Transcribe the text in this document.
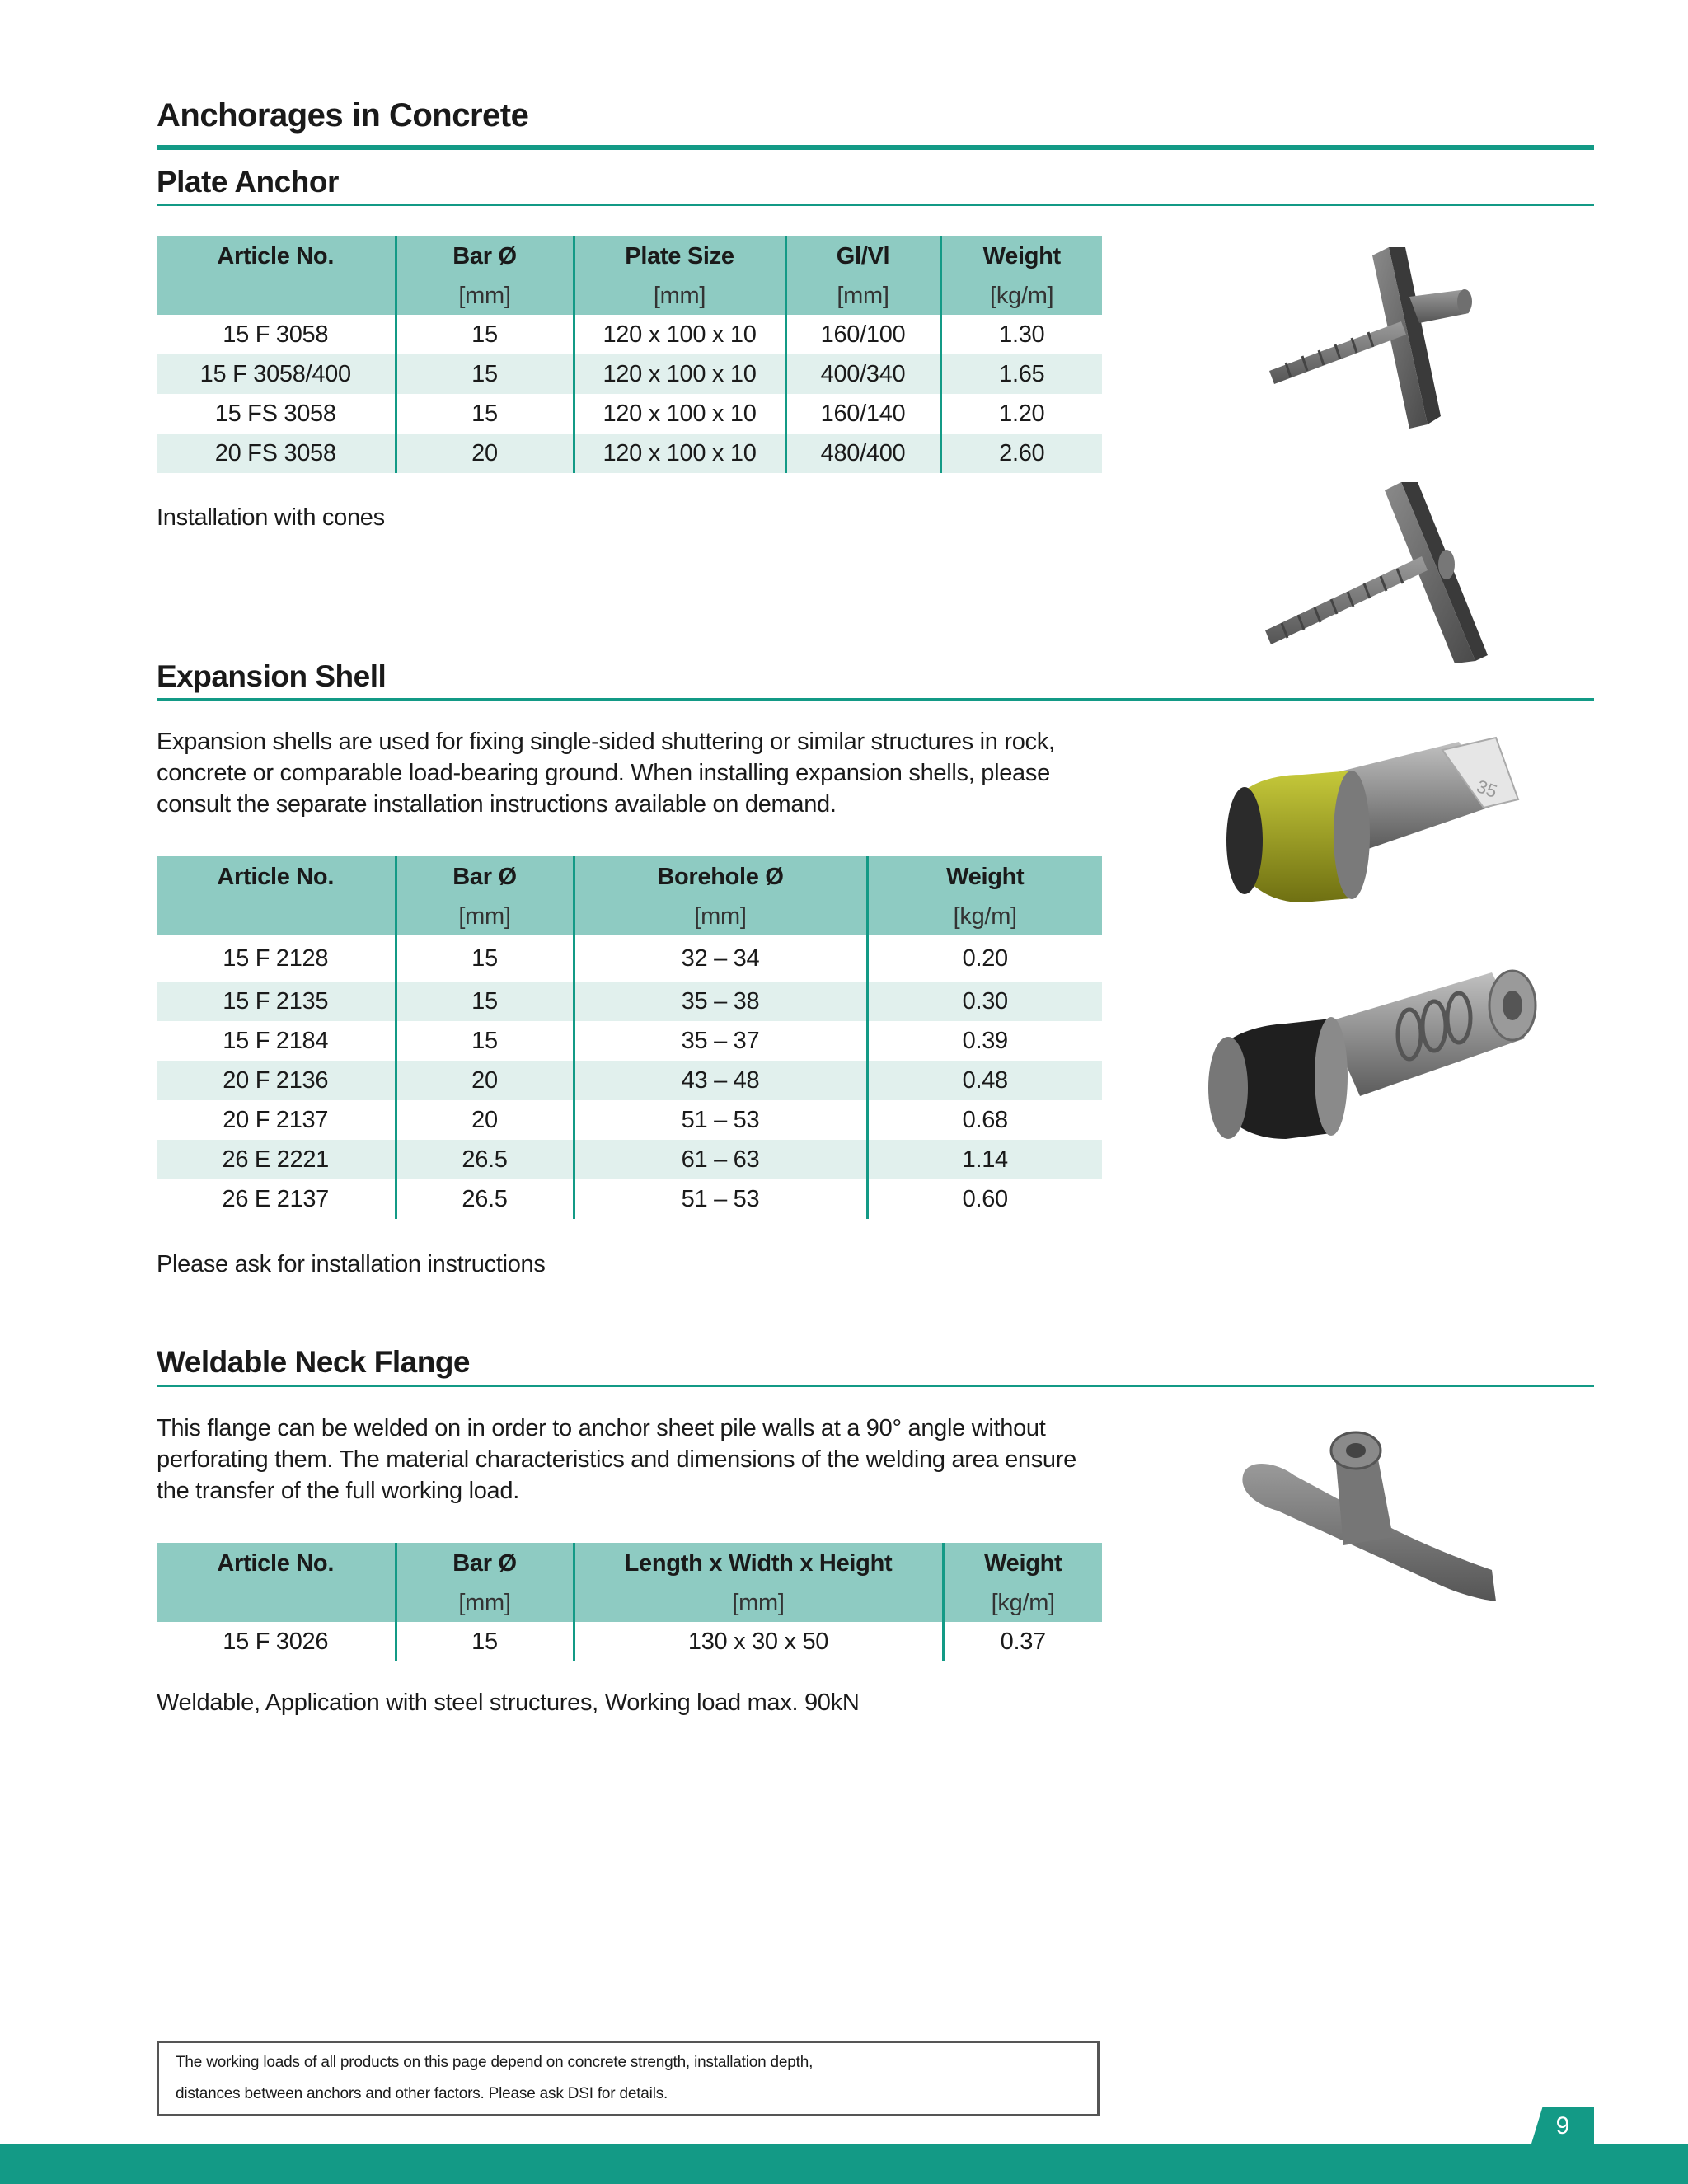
Anchorages in Concrete
Plate Anchor
Article No.	Bar Ø	Plate Size	Gl/Vl	Weight
	[mm]	[mm]	[mm]	[kg/m]
15 F 3058	15	120 x 100 x 10	160/100	1.30
15 F 3058/400	15	120 x 100 x 10	400/340	1.65
15 FS 3058	15	120 x 100 x 10	160/140	1.20
20 FS 3058	20	120 x 100 x 10	480/400	2.60
Installation with cones
Expansion Shell
Expansion shells are used for fixing single-sided shuttering or similar structures in rock, concrete or comparable load-bearing ground. When installing expansion shells, please consult the separate installation instructions available on demand.
Article No.	Bar Ø	Borehole Ø	Weight
	[mm]	[mm]	[kg/m]
15 F 2128	15	32 – 34	0.20
15 F 2135	15	35 – 38	0.30
15 F 2184	15	35 – 37	0.39
20 F 2136	20	43 – 48	0.48
20 F 2137	20	51 – 53	0.68
26 E 2221	26.5	61 – 63	1.14
26 E 2137	26.5	51 – 53	0.60
Please ask for installation instructions
35
Weldable Neck Flange
This flange can be welded on in order to anchor sheet pile walls at a 90° angle without perforating them. The material characteristics and dimensions of the welding area ensure the transfer of the full working load.
Article No.	Bar Ø	Length x Width x Height	Weight
	[mm]	[mm]	[kg/m]
15 F 3026	15	130 x 30 x 50	0.37
Weldable, Application with steel structures, Working load max. 90kN
The working loads of all products on this page depend on concrete strength, installation depth,
distances between anchors and other factors. Please ask DSI for details.
9
